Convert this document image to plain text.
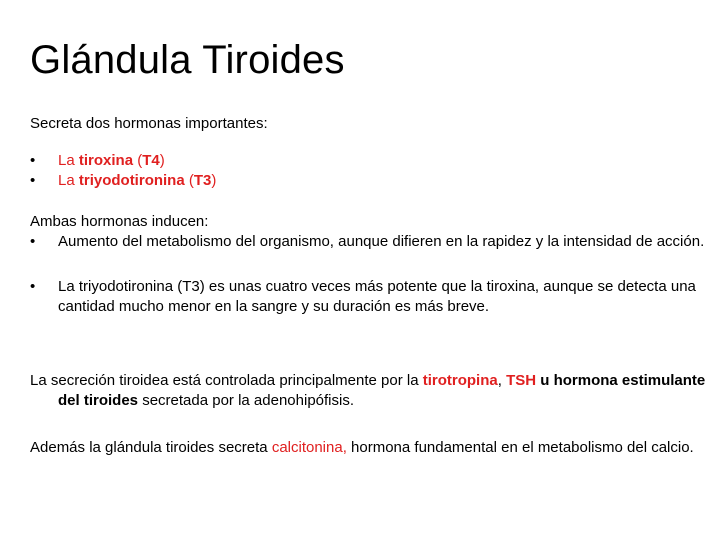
Glándula Tiroides
Secreta dos hormonas importantes:
•	La tiroxina (T4)
•	La triyodotironina (T3)
Ambas hormonas inducen:
•	Aumento del metabolismo del organismo, aunque difieren en la rapidez y la intensidad de acción.
•	La triyodotironina (T3) es unas cuatro veces más potente que la tiroxina, aunque se detecta una cantidad mucho menor en la sangre y su duración es más breve.
La secreción tiroidea está controlada principalmente por la tirotropina, TSH u hormona estimulante del tiroides secretada por la adenohipófisis.
Además la glándula tiroides secreta calcitonina, hormona fundamental en el metabolismo del calcio.
